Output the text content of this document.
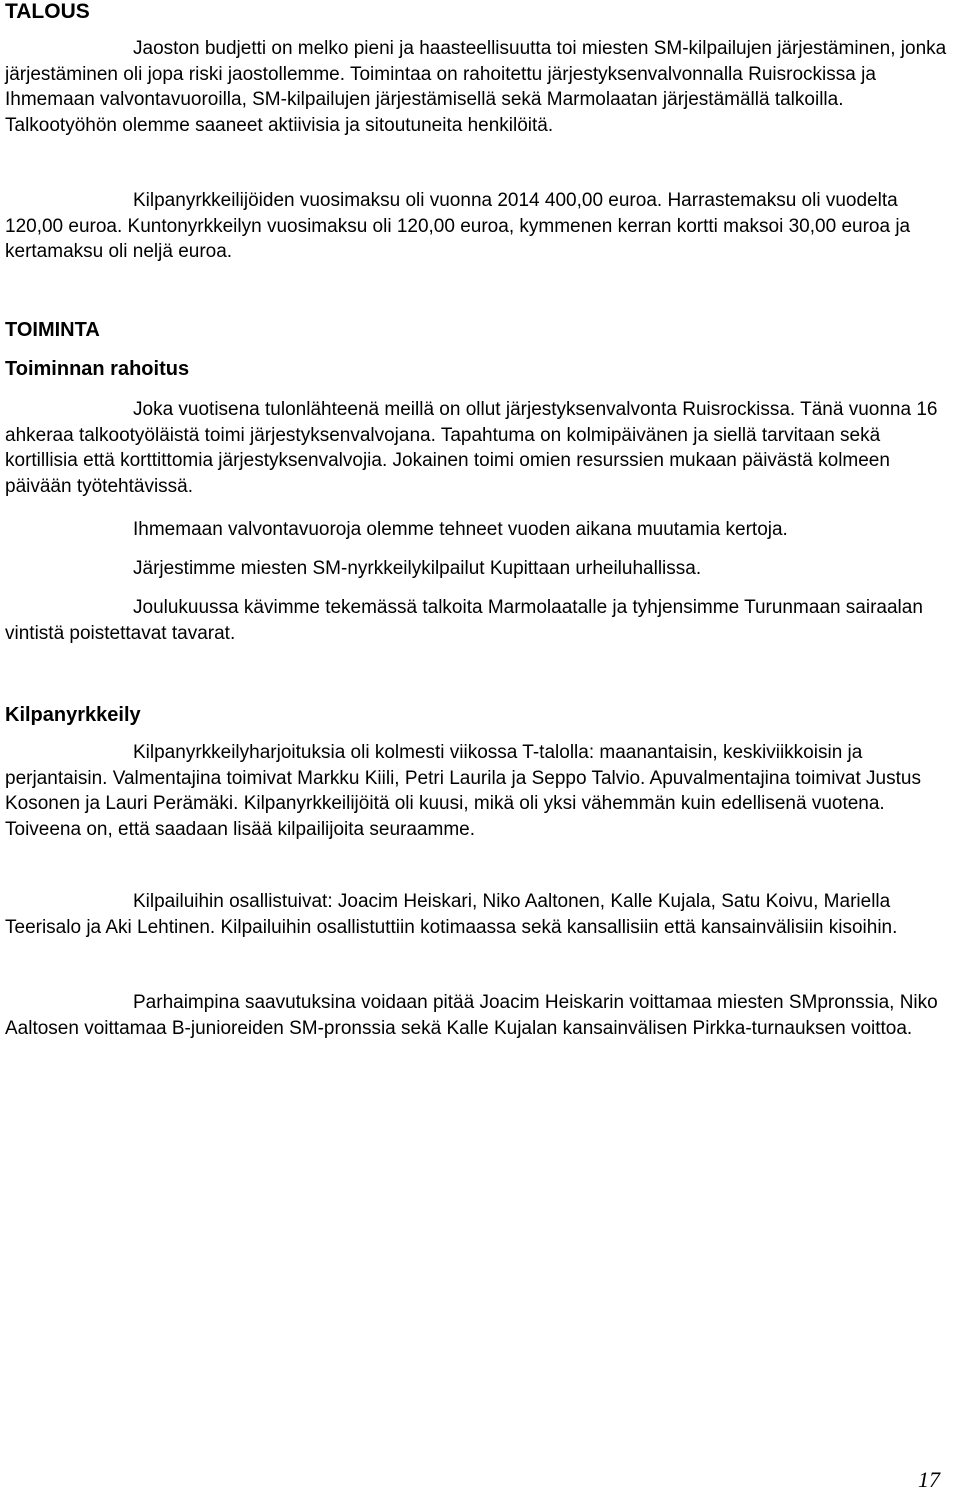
TALOUS

Jaoston budjetti on melko pieni ja haasteellisuutta toi miesten SM-kilpailujen järjestäminen, jonka järjestäminen oli jopa riski jaostollemme. Toimintaa on rahoitettu järjestyksenvalvonnalla Ruisrockissa ja Ihmemaan valvontavuoroilla, SM-kilpailujen järjestämisellä sekä Marmolaatan järjestämällä talkoilla. Talkootyöhön olemme saaneet aktiivisia ja sitoutuneita henkilöitä.

Kilpanyrkkeilijöiden vuosimaksu oli vuonna 2014 400,00 euroa. Harrastemaksu oli vuodelta 120,00 euroa. Kuntonyrkkeilyn vuosimaksu oli 120,00 euroa, kymmenen kerran kortti maksoi 30,00 euroa ja kertamaksu oli neljä euroa.

TOIMINTA
Toiminnan rahoitus

Joka vuotisena tulonlähteenä meillä on ollut järjestyksenvalvonta Ruisrockissa. Tänä vuonna 16 ahkeraa talkootyöläistä toimi järjestyksenvalvojana. Tapahtuma on kolmipäivänen ja siellä tarvitaan sekä kortillisia että korttittomia järjestyksenvalvojia. Jokainen toimi omien resurssien mukaan päivästä kolmeen päivään työtehtävissä.

Ihmemaan valvontavuoroja olemme tehneet vuoden aikana muutamia kertoja.

Järjestimme miesten SM-nyrkkeilykilpailut Kupittaan urheiluhallissa.

Joulukuussa kävimme tekemässä talkoita Marmolaatalle ja tyhjensimme Turunmaan sairaalan vintistä poistettavat tavarat.

Kilpanyrkkeily

Kilpanyrkkeilyharjoituksia oli kolmesti viikossa T-talolla: maanantaisin, keskiviikkoisin ja perjantaisin. Valmentajina toimivat Markku Kiili, Petri Laurila ja Seppo Talvio. Apuvalmentajina toimivat Justus Kosonen ja Lauri Perämäki. Kilpanyrkkeilijöitä oli kuusi, mikä oli yksi vähemmän kuin edellisenä vuotena. Toiveena on, että saadaan lisää kilpailijoita seuraamme.

Kilpailuihin osallistuivat: Joacim Heiskari, Niko Aaltonen, Kalle Kujala, Satu Koivu, Mariella Teerisalo ja Aki Lehtinen. Kilpailuihin osallistuttiin kotimaassa sekä kansallisiin että kansainvälisiin kisoihin.

Parhaimpina saavutuksina voidaan pitää Joacim Heiskarin voittamaa miesten SMpronssia, Niko Aaltosen voittamaa B-junioreiden SM-pronssia sekä Kalle Kujalan kansainvälisen Pirkka-turnauksen voittoa.

17
